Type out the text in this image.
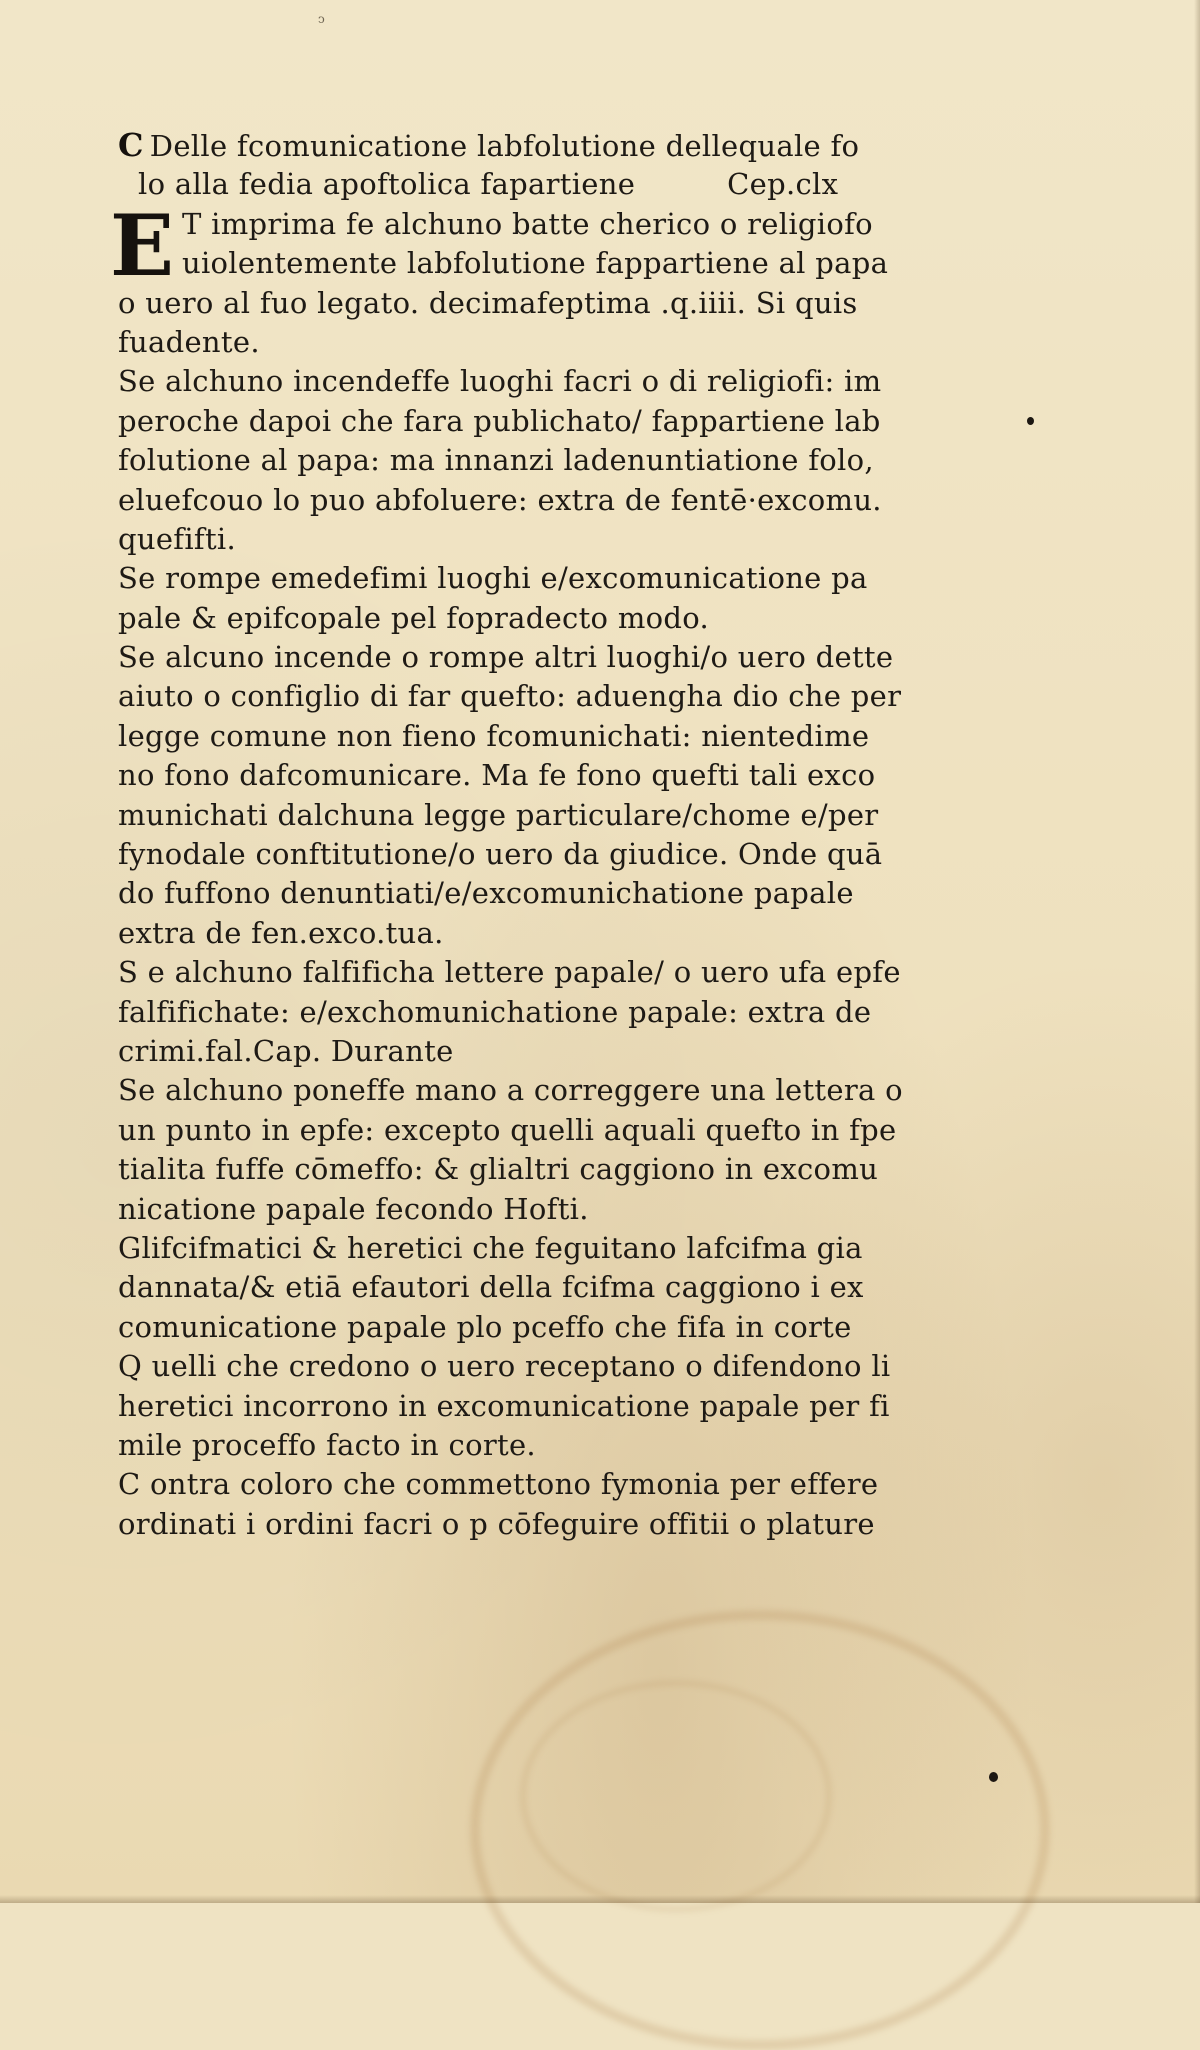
ↄ
E
C Delle fcomunicatione labfolutione dellequale fo
lo alla fedia apoftolica fapartiene	Cep.clx
T imprima fe alchuno batte cherico o religiofo
uiolentemente labfolutione fappartiene al papa
o uero al fuo legato. decimafeptima .q.iiii. Si quis
fuadente.
Se alchuno incendeffe luoghi facri o di religiofi: im
peroche dapoi che fara publichato/ fappartiene lab
folutione al papa: ma innanzi ladenuntiatione folo,
eluefcouo lo puo abfoluere: extra de fentē·excomu.
quefifti.
Se rompe emedefimi luoghi e/excomunicatione pa
pale & epifcopale pel fopradecto modo.
Se alcuno incende o rompe altri luoghi/o uero dette
aiuto o configlio di far quefto: aduengha dio che per
legge comune non fieno fcomunichati: nientedime
no fono dafcomunicare. Ma fe fono quefti tali exco
munichati dalchuna legge particulare/chome e/per
fynodale conftitutione/o uero da giudice. Onde quā
do fuffono denuntiati/e/excomunichatione papale
extra de fen.exco.tua.
S e alchuno falfificha lettere papale/ o uero ufa epfe
falfifichate: e/exchomunichatione papale: extra de
crimi.fal.Cap. Durante
Se alchuno poneffe mano a correggere una lettera o
un punto in epfe: excepto quelli aquali quefto in fpe
tialita fuffe cōmeffo: & glialtri caggiono in excomu
nicatione papale fecondo Hofti.
Glifcifmatici & heretici che feguitano lafcifma gia
dannata/& etiā efautori della fcifma caggiono i ex
comunicatione papale plo pceffo che fifa in corte
Q uelli che credono o uero receptano o difendono li
heretici incorrono in excomunicatione papale per fi
mile proceffo facto in corte.
C ontra coloro che commettono fymonia per effere
ordinati i ordini facri o p cōfeguire offitii o plature
